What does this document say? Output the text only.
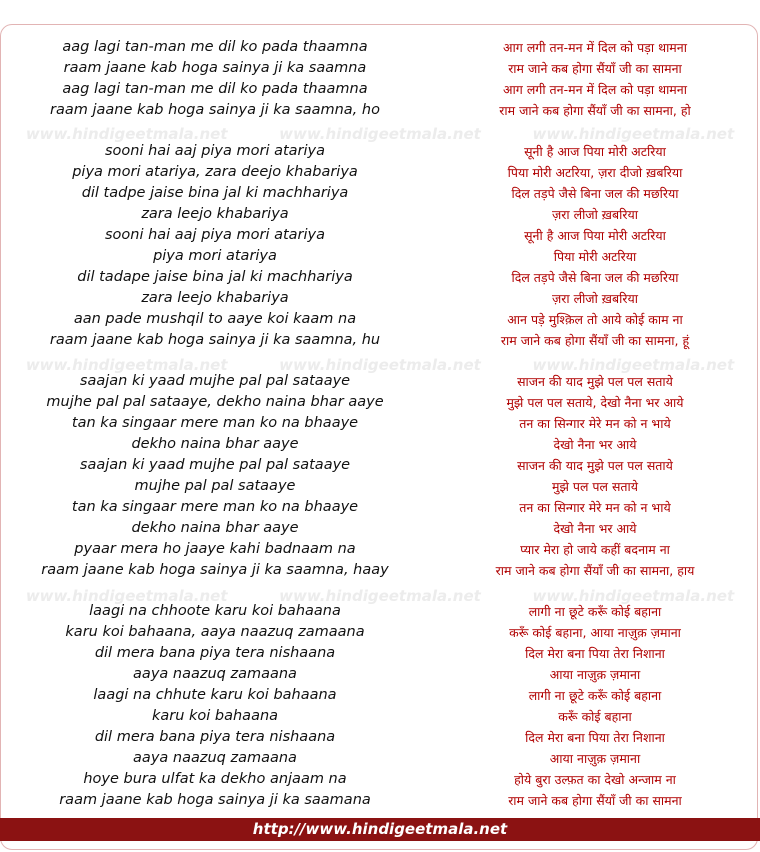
www.hindigeetmala.net	www.hindigeetmala.net	www.hindigeetmala.net
www.hindigeetmala.net	www.hindigeetmala.net	www.hindigeetmala.net
www.hindigeetmala.net	www.hindigeetmala.net	www.hindigeetmala.net
aag lagi tan-man me dil ko pada thaamna	आग लगी तन-मन में दिल को पड़ा थामना
raam jaane kab hoga sainya ji ka saamna	राम जाने कब होगा सैंयाँ जी का सामना
aag lagi tan-man me dil ko pada thaamna	आग लगी तन-मन में दिल को पड़ा थामना
raam jaane kab hoga sainya ji ka saamna, ho	राम जाने कब होगा सैंयाँ जी का सामना, हो
sooni hai aaj piya mori atariya	सूनी है आज पिया मोरी अटरिया
piya mori atariya, zara deejo khabariya	पिया मोरी अटरिया, ज़रा दीजो ख़बरिया
dil tadpe jaise bina jal ki machhariya	दिल तड़पे जैसे बिना जल की मछरिया
zara leejo khabariya	ज़रा लीजो ख़बरिया
sooni hai aaj piya mori atariya	सूनी है आज पिया मोरी अटरिया
piya mori atariya	पिया मोरी अटरिया
dil tadape jaise bina jal ki machhariya	दिल तड़पे जैसे बिना जल की मछरिया
zara leejo khabariya	ज़रा लीजो ख़बरिया
aan pade mushqil to aaye koi kaam na	आन पड़े मुश्क़िल तो आये कोई काम ना
raam jaane kab hoga sainya ji ka saamna, hu	राम जाने कब होगा सैंयाँ जी का सामना, हूं
saajan ki yaad mujhe pal pal sataaye	साजन की याद मुझे पल पल सताये
mujhe pal pal sataaye, dekho naina bhar aaye	मुझे पल पल सताये, देखो नैना भर आये
tan ka singaar mere man ko na bhaaye	तन का सिन्गार मेरे मन को न भाये
dekho naina bhar aaye	देखो नैना भर आये
saajan ki yaad mujhe pal pal sataaye	साजन की याद मुझे पल पल सताये
mujhe pal pal sataaye	मुझे पल पल सताये
tan ka singaar mere man ko na bhaaye	तन का सिन्गार मेरे मन को न भाये
dekho naina bhar aaye	देखो नैना भर आये
pyaar mera ho jaaye kahi badnaam na	प्यार मेरा हो जाये कहीं बदनाम ना
raam jaane kab hoga sainya ji ka saamna, haay	राम जाने कब होगा सैंयाँ जी का सामना, हाय
laagi na chhoote karu koi bahaana	लागी ना छूटे करूँ कोई बहाना
karu koi bahaana, aaya naazuq zamaana	करूँ कोई बहाना, आया नाज़ुक़ ज़माना
dil mera bana piya tera nishaana	दिल मेरा बना पिया तेरा निशाना
aaya naazuq zamaana	आया नाज़ुक़ ज़माना
laagi na chhute karu koi bahaana	लागी ना छूटे करूँ कोई बहाना
karu koi bahaana	करूँ कोई बहाना
dil mera bana piya tera nishaana	दिल मेरा बना पिया तेरा निशाना
aaya naazuq zamaana	आया नाज़ुक़ ज़माना
hoye bura ulfat ka dekho anjaam na	होये बुरा उल्फ़त का देखो अन्जाम ना
raam jaane kab hoga sainya ji ka saamana	राम जाने कब होगा सैंयाँ जी का सामना
http://www.hindigeetmala.net
